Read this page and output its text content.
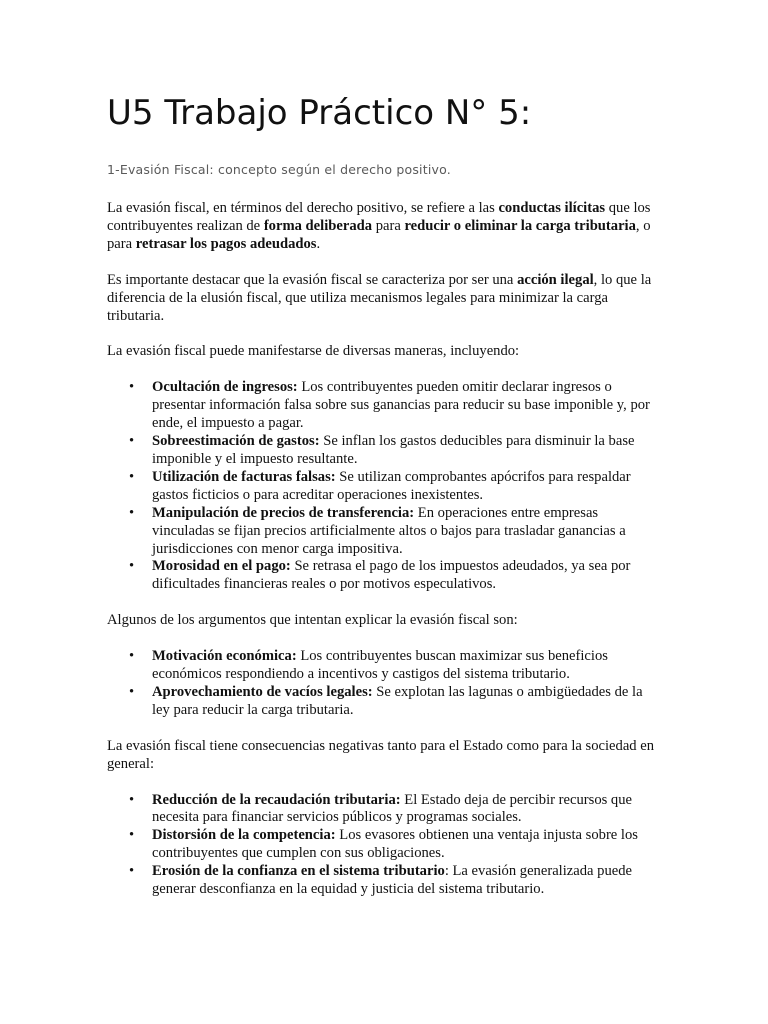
U5 Trabajo Práctico N° 5:
1-Evasión Fiscal: concepto según el derecho positivo.

La evasión fiscal, en términos del derecho positivo, se refiere a las conductas ilícitas que los contribuyentes realizan de forma deliberada para reducir o eliminar la carga tributaria, o para retrasar los pagos adeudados.

Es importante destacar que la evasión fiscal se caracteriza por ser una acción ilegal, lo que la diferencia de la elusión fiscal, que utiliza mecanismos legales para minimizar la carga tributaria.

La evasión fiscal puede manifestarse de diversas maneras, incluyendo:

• Ocultación de ingresos: Los contribuyentes pueden omitir declarar ingresos o presentar información falsa sobre sus ganancias para reducir su base imponible y, por ende, el impuesto a pagar.
• Sobreestimación de gastos: Se inflan los gastos deducibles para disminuir la base imponible y el impuesto resultante.
• Utilización de facturas falsas: Se utilizan comprobantes apócrifos para respaldar gastos ficticios o para acreditar operaciones inexistentes.
• Manipulación de precios de transferencia: En operaciones entre empresas vinculadas se fijan precios artificialmente altos o bajos para trasladar ganancias a jurisdicciones con menor carga impositiva.
• Morosidad en el pago: Se retrasa el pago de los impuestos adeudados, ya sea por dificultades financieras reales o por motivos especulativos.

Algunos de los argumentos que intentan explicar la evasión fiscal son:

• Motivación económica: Los contribuyentes buscan maximizar sus beneficios económicos respondiendo a incentivos y castigos del sistema tributario.
• Aprovechamiento de vacíos legales: Se explotan las lagunas o ambigüedades de la ley para reducir la carga tributaria.

La evasión fiscal tiene consecuencias negativas tanto para el Estado como para la sociedad en general:

• Reducción de la recaudación tributaria: El Estado deja de percibir recursos que necesita para financiar servicios públicos y programas sociales.
• Distorsión de la competencia: Los evasores obtienen una ventaja injusta sobre los contribuyentes que cumplen con sus obligaciones.
• Erosión de la confianza en el sistema tributario: La evasión generalizada puede generar desconfianza en la equidad y justicia del sistema tributario.
